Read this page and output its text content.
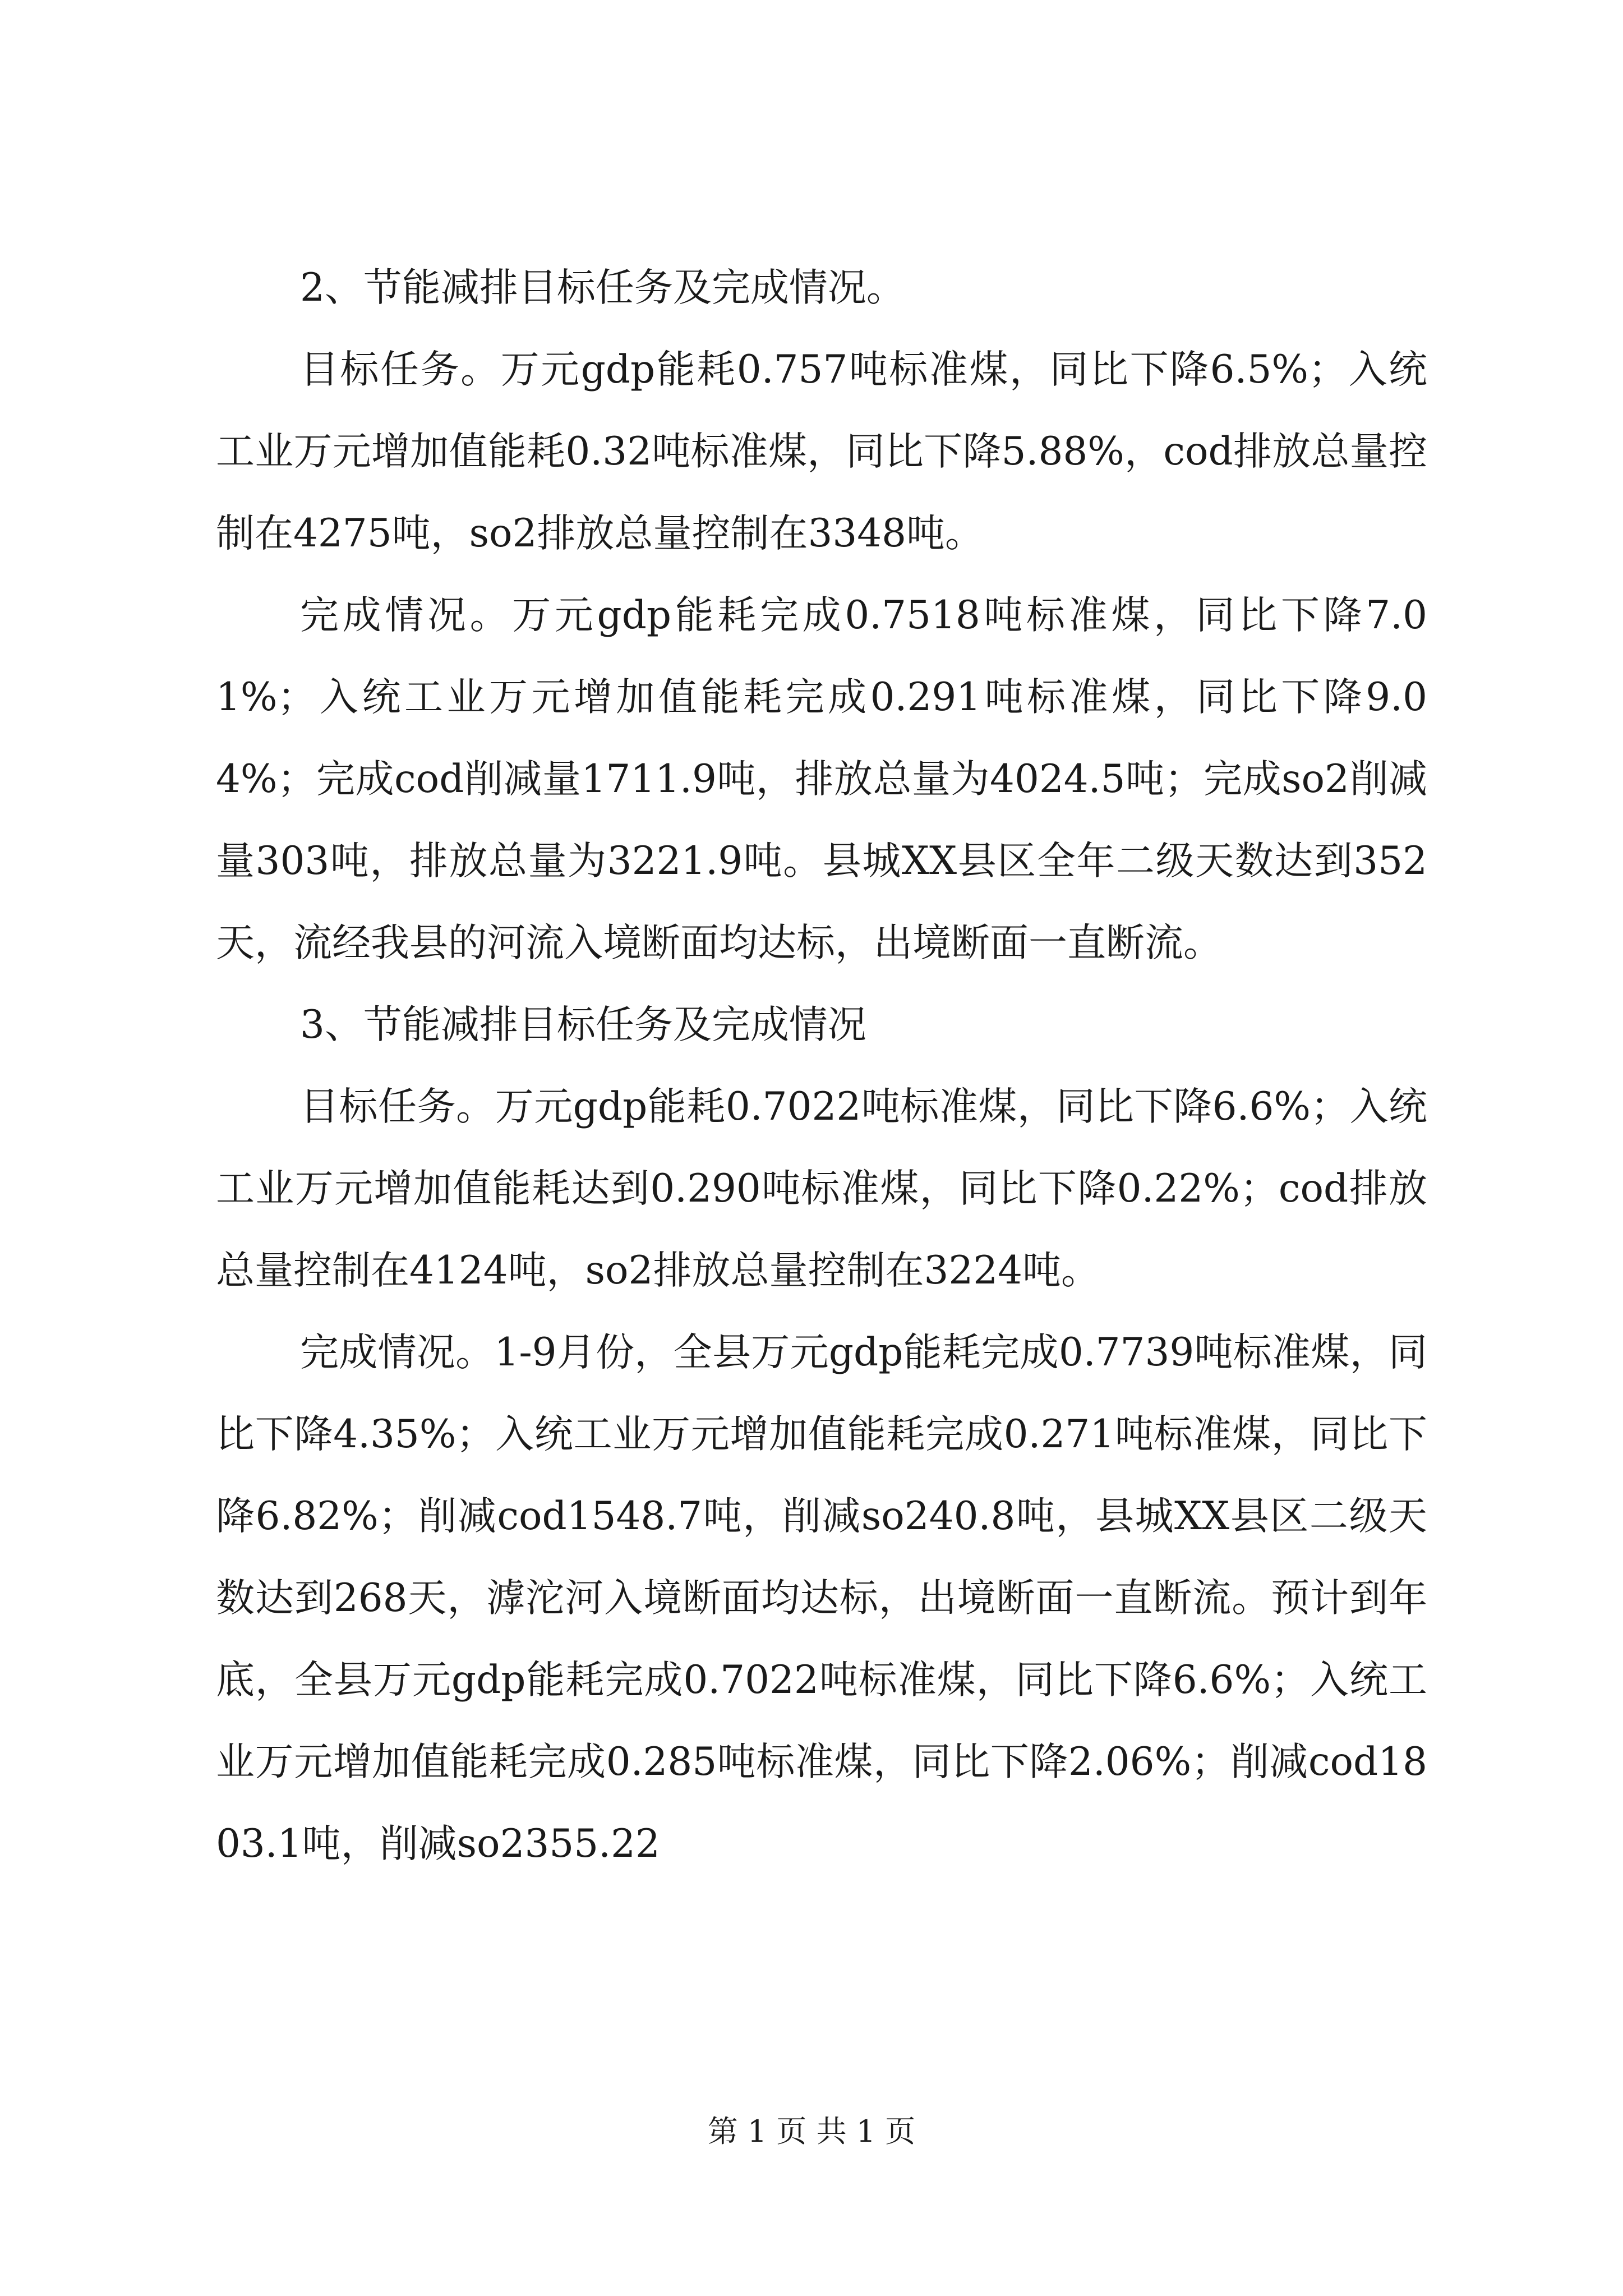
2、节能减排目标任务及完成情况。

目标任务。万元gdp能耗0.757吨标准煤，同比下降6.5%；入统工业万元增加值能耗0.32吨标准煤，同比下降5.88%，cod排放总量控制在4275吨，so2排放总量控制在3348吨。

完成情况。万元gdp能耗完成0.7518吨标准煤，同比下降7.01%；入统工业万元增加值能耗完成0.291吨标准煤，同比下降9.04%；完成cod削减量1711.9吨，排放总量为4024.5吨；完成so2削减量303吨，排放总量为3221.9吨。县城XX县区全年二级天数达到352天，流经我县的河流入境断面均达标，出境断面一直断流。

3、节能减排目标任务及完成情况

目标任务。万元gdp能耗0.7022吨标准煤，同比下降6.6%；入统工业万元增加值能耗达到0.290吨标准煤，同比下降0.22%；cod排放总量控制在4124吨，so2排放总量控制在3224吨。

完成情况。1-9月份，全县万元gdp能耗完成0.7739吨标准煤，同比下降4.35%；入统工业万元增加值能耗完成0.271吨标准煤，同比下降6.82%；削减cod1548.7吨，削减so240.8吨，县城XX县区二级天数达到268天，滹沱河入境断面均达标，出境断面一直断流。预计到年底，全县万元gdp能耗完成0.7022吨标准煤，同比下降6.6%；入统工业万元增加值能耗完成0.285吨标准煤，同比下降2.06%；削减cod1803.1吨，削减so2355.22

第 1 页 共 1 页
